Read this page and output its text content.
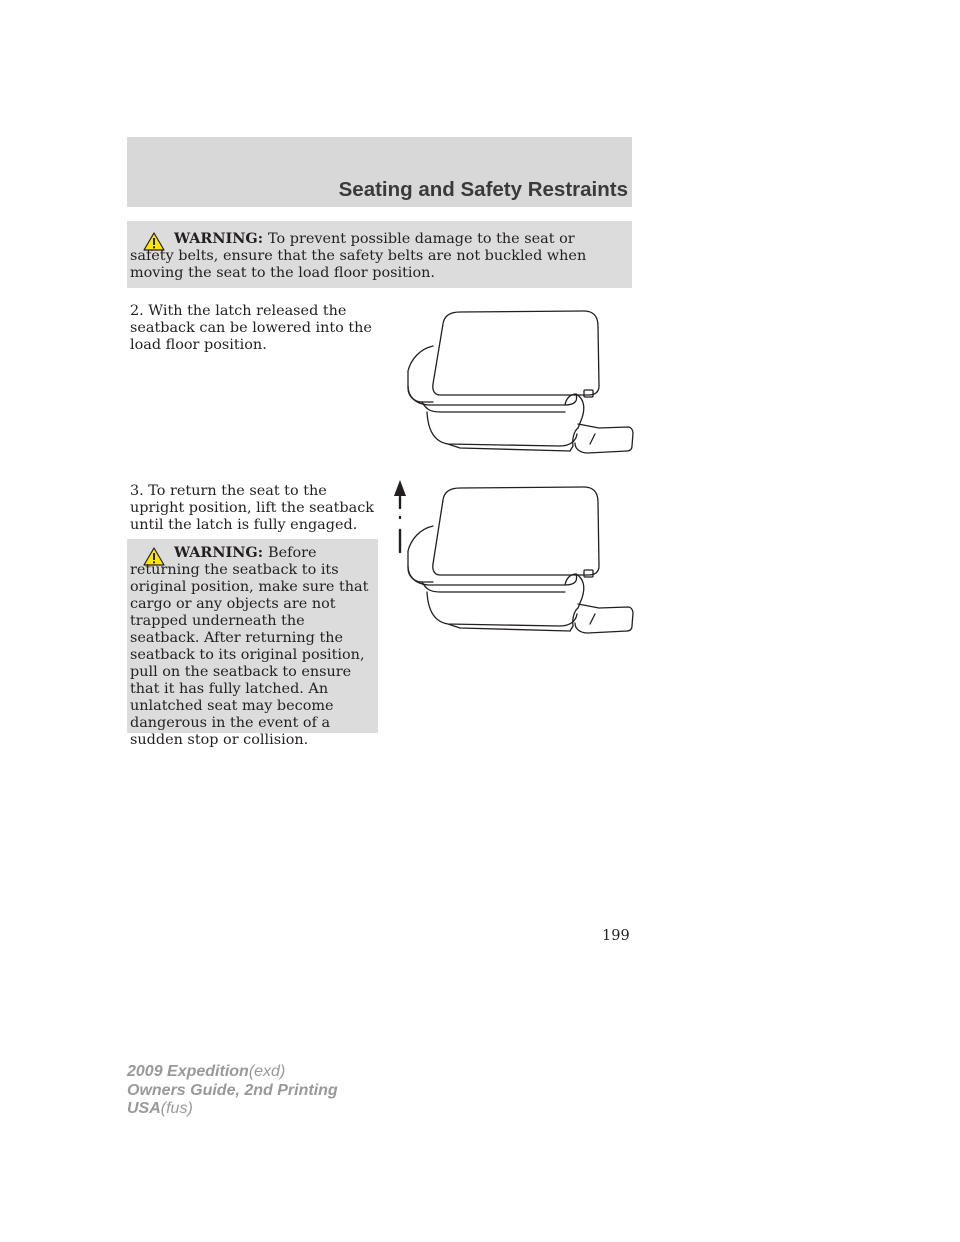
Seating and Safety Restraints

WARNING: To prevent possible damage to the seat or safety belts, ensure that the safety belts are not buckled when moving the seat to the load floor position.

2. With the latch released the seatback can be lowered into the load floor position.

3. To return the seat to the upright position, lift the seatback until the latch is fully engaged.

WARNING: Before returning the seatback to its original position, make sure that cargo or any objects are not trapped underneath the seatback. After returning the seatback to its original position, pull on the seatback to ensure that it has fully latched. An unlatched seat may become dangerous in the event of a sudden stop or collision.

199

2009 Expedition(exd)
Owners Guide, 2nd Printing
USA(fus)
